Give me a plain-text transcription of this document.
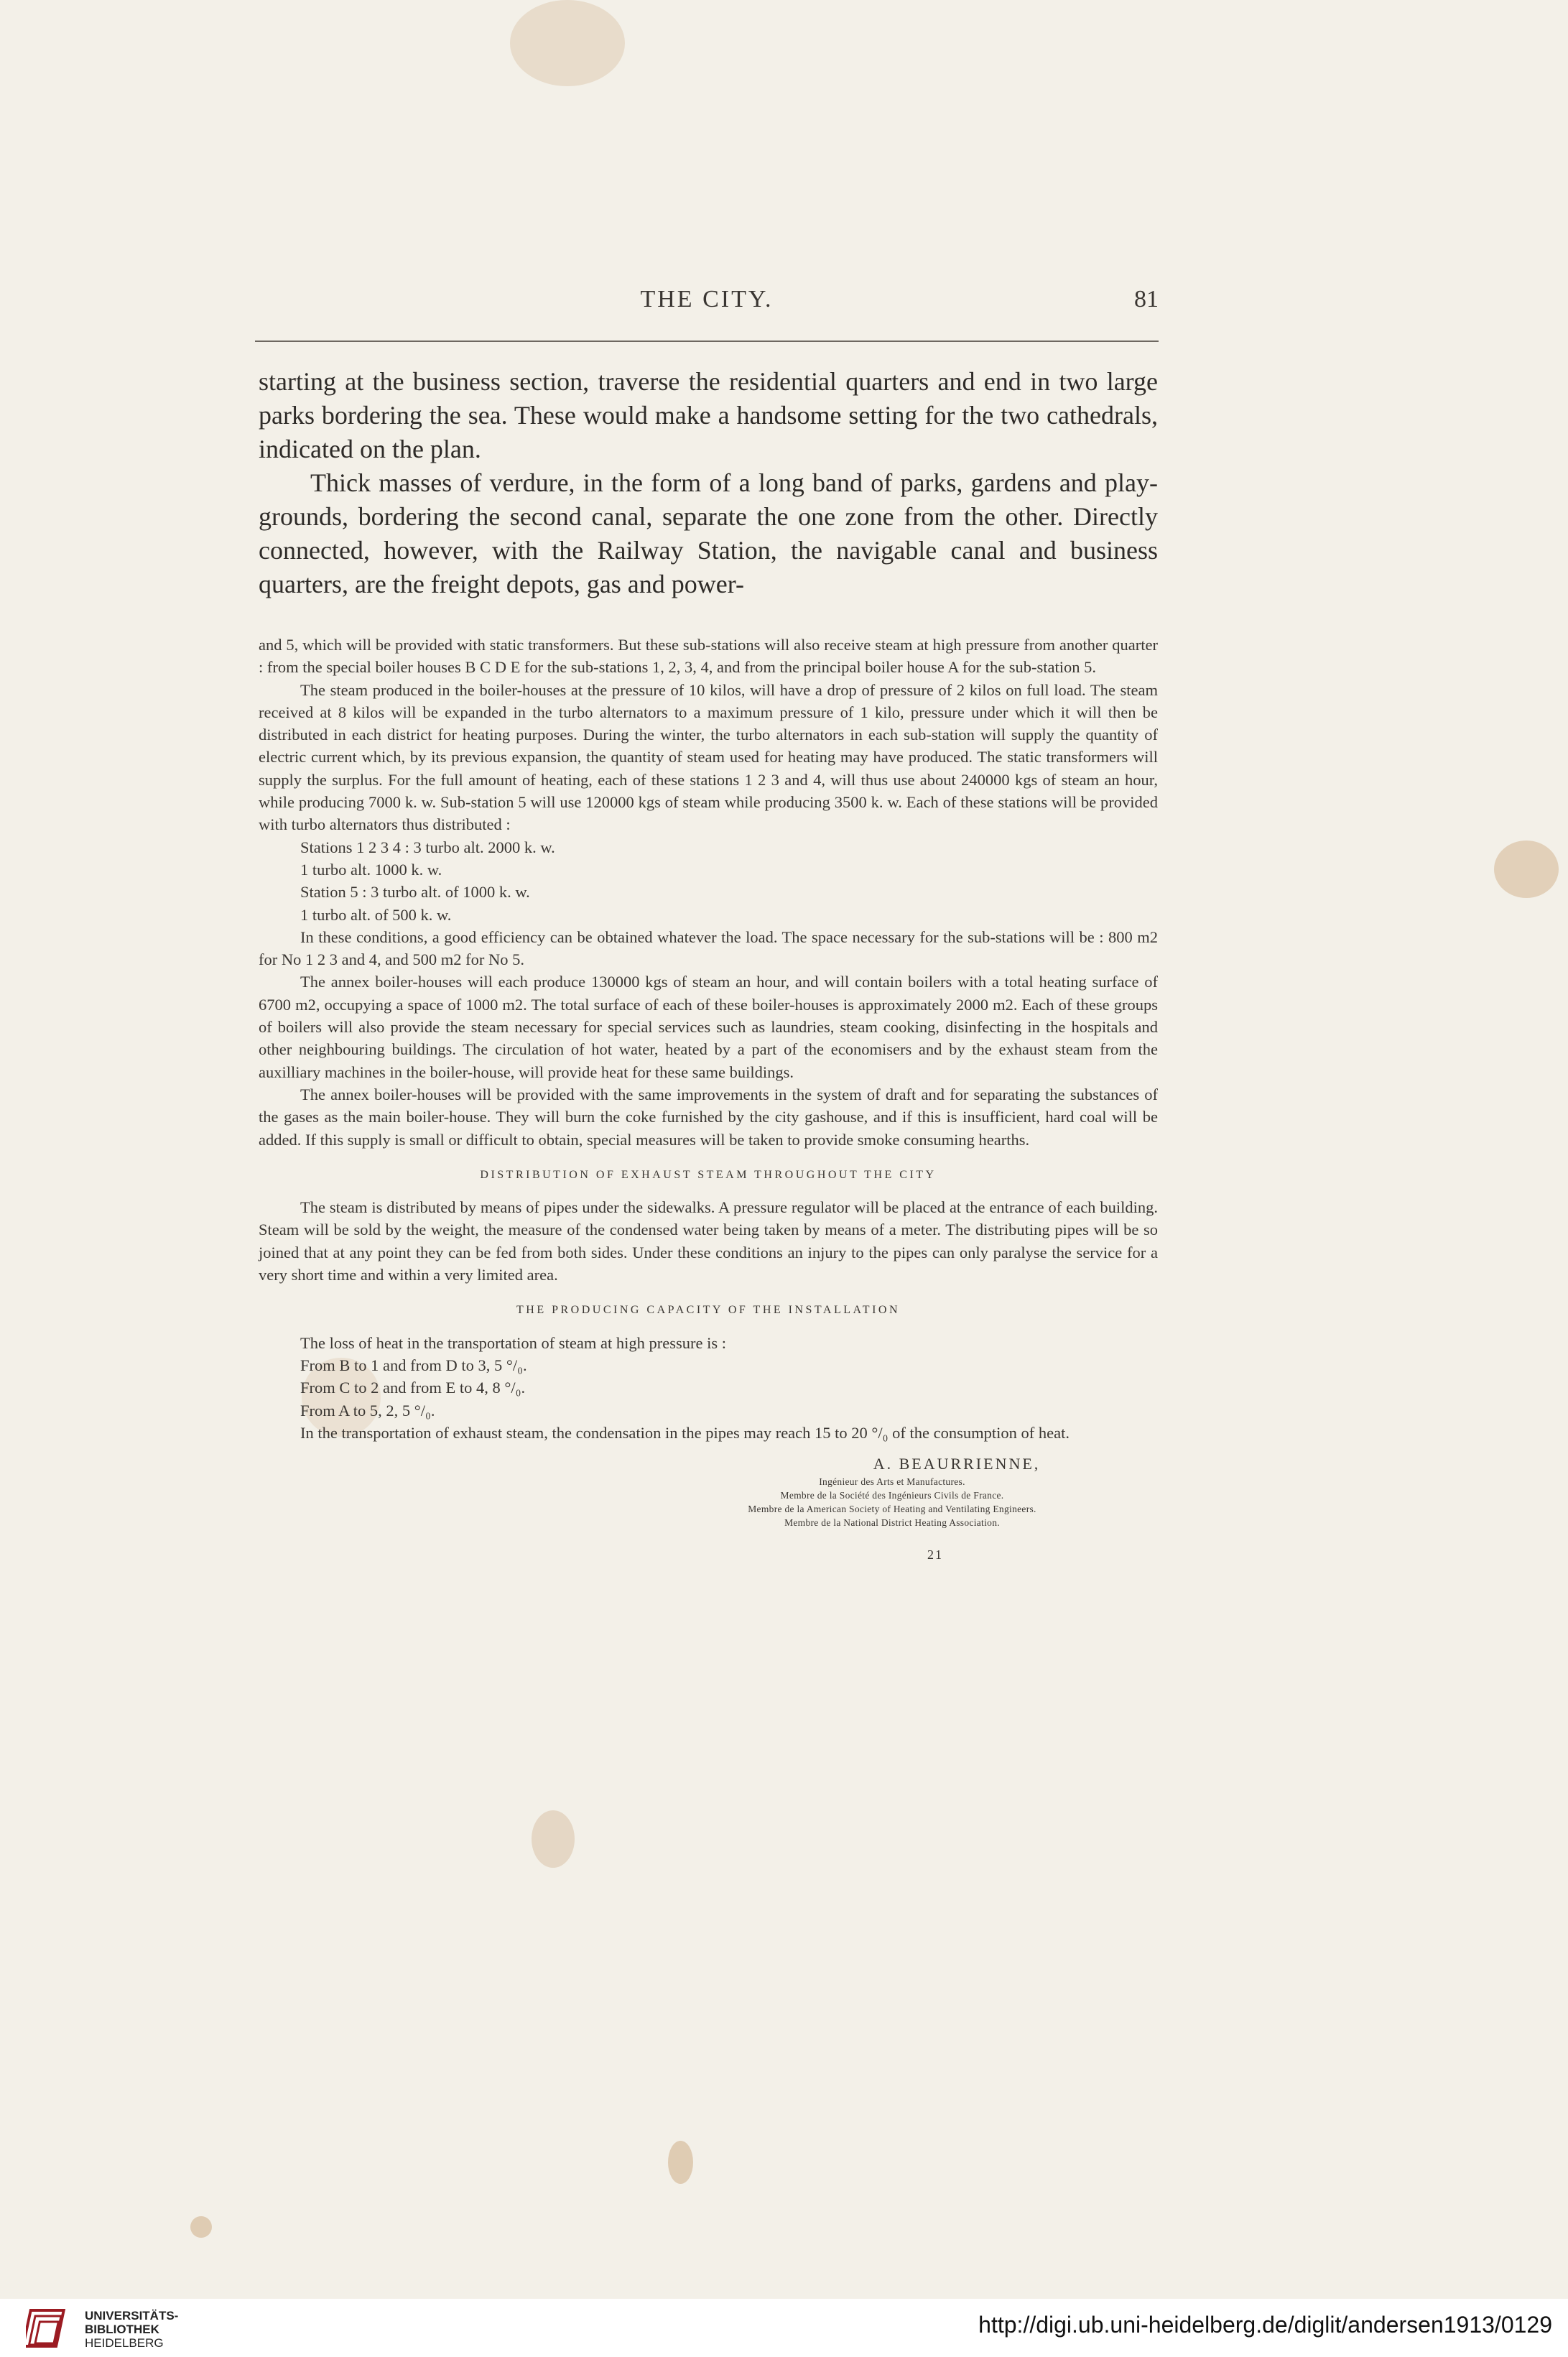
THE CITY.	81

starting at the business section, traverse the residential quarters and end in two large parks bordering the sea. These would make a handsome setting for the two cathedrals, indicated on the plan.

Thick masses of verdure, in the form of a long band of parks, gardens and play-grounds, bordering the second canal, separate the one zone from the other. Directly connected, however, with the Railway Station, the navigable canal and business quarters, are the freight depots, gas and power-

and 5, which will be provided with static transformers. But these sub-stations will also receive steam at high pressure from another quarter : from the special boiler houses B C D E for the sub-stations 1, 2, 3, 4, and from the principal boiler house A for the sub-station 5.

The steam produced in the boiler-houses at the pressure of 10 kilos, will have a drop of pressure of 2 kilos on full load. The steam received at 8 kilos will be expanded in the turbo alternators to a maximum pressure of 1 kilo, pressure under which it will then be distributed in each district for heating purposes. During the winter, the turbo alternators in each sub-station will supply the quantity of electric current which, by its previous expansion, the quantity of steam used for heating may have produced. The static transformers will supply the surplus. For the full amount of heating, each of these stations 1 2 3 and 4, will thus use about 240000 kgs of steam an hour, while producing 7000 k. w. Sub-station 5 will use 120000 kgs of steam while producing 3500 k. w. Each of these stations will be provided with turbo alternators thus distributed :

Stations 1 2 3 4 : 3 turbo alt. 2000 k. w.

1 turbo alt. 1000 k. w.

Station 5 : 3 turbo alt. of 1000 k. w.

1 turbo alt. of 500 k. w.

In these conditions, a good efficiency can be obtained whatever the load. The space necessary for the sub-stations will be : 800 m2 for No 1 2 3 and 4, and 500 m2 for No 5.

The annex boiler-houses will each produce 130000 kgs of steam an hour, and will contain boilers with a total heating surface of 6700 m2, occupying a space of 1000 m2. The total surface of each of these boiler-houses is approximately 2000 m2. Each of these groups of boilers will also provide the steam necessary for special services such as laundries, steam cooking, disinfecting in the hospitals and other neighbouring buildings. The circulation of hot water, heated by a part of the economisers and by the exhaust steam from the auxilliary machines in the boiler-house, will provide heat for these same buildings.

The annex boiler-houses will be provided with the same improvements in the system of draft and for separating the substances of the gases as the main boiler-house. They will burn the coke furnished by the city gashouse, and if this is insufficient, hard coal will be added. If this supply is small or difficult to obtain, special measures will be taken to provide smoke consuming hearths.

DISTRIBUTION OF EXHAUST STEAM THROUGHOUT THE CITY

The steam is distributed by means of pipes under the sidewalks. A pressure regulator will be placed at the entrance of each building. Steam will be sold by the weight, the measure of the condensed water being taken by means of a meter. The distributing pipes will be so joined that at any point they can be fed from both sides. Under these conditions an injury to the pipes can only paralyse the service for a very short time and within a very limited area.

THE PRODUCING CAPACITY OF THE INSTALLATION

The loss of heat in the transportation of steam at high pressure is :

From B to 1 and from D to 3, 5 °/₀.

From C to 2 and from E to 4, 8 °/₀.

From A to 5, 2, 5 °/₀.

In the transportation of exhaust steam, the condensation in the pipes may reach 15 to 20 °/₀ of the consumption of heat.

A. BEAURRIENNE,
Ingénieur des Arts et Manufactures.
Membre de la Société des Ingénieurs Civils de France.
Membre de la American Society of Heating and Ventilating Engineers.
Membre de la National District Heating Association.
21
UNIVERSITÄTS-
BIBLIOTHEK
HEIDELBERG
http://digi.ub.uni-heidelberg.de/diglit/andersen1913/0129
